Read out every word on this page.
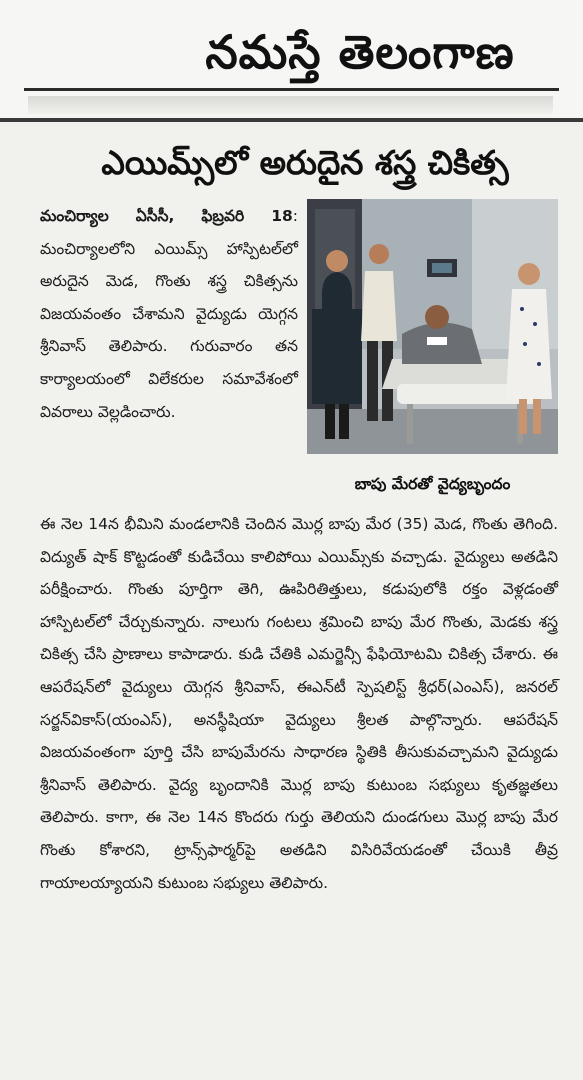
నమస్తే తెలంగాణ
ఎయిమ్స్‌లో అరుదైన శస్త్ర చికిత్స
మంచిర్యాల ఏసీసీ, ఫిబ్రవరి 18: మంచిర్యాలలోని ఎయిమ్స్ హాస్పిటల్‌లో అరుదైన మెడ, గొంతు శస్త్ర చికిత్సను విజయవంతం చేశామని వైద్యుడు యెగ్గన శ్రీనివాస్ తెలిపారు. గురువారం తన కార్యాలయంలో విలేకరుల సమావేశంలో వివరాలు వెల్లడించారు.
బాపు మేరతో వైద్యబృందం
ఈ నెల 14న భీమిని మండలానికి చెందిన మొర్ల బాపు మేర (35) మెడ, గొంతు తెగింది. విద్యుత్ షాక్ కొట్టడంతో కుడిచేయి కాలిపోయి ఎయిమ్స్‌కు వచ్చాడు. వైద్యులు అతడిని పరీక్షించారు. గొంతు పూర్తిగా తెగి, ఊపిరితిత్తులు, కడుపులోకి రక్తం వెళ్లడంతో హాస్పిటల్‌లో చేర్చుకున్నారు. నాలుగు గంటలు శ్రమించి బాపు మేర గొంతు, మెడకు శస్త్ర చికిత్స చేసి ప్రాణాలు కాపాడారు. కుడి చేతికి ఎమర్జెన్సీ ఫేఫియోటమి చికిత్స చేశారు. ఈ ఆపరేషన్‌లో వైద్యులు యెగ్గన శ్రీనివాస్, ఈఎన్‌టీ స్పెషలిస్ట్ శ్రీధర్(ఎంఎస్), జనరల్ సర్జన్‌వికాస్(యంఎస్), అనస్థీషియా వైద్యులు శ్రీలత పాల్గొన్నారు. ఆపరేషన్ విజయవంతంగా పూర్తి చేసి బాపుమేరను సాధారణ స్థితికి తీసుకువచ్చామని వైద్యుడు శ్రీనివాస్ తెలిపారు. వైద్య బృందానికి మొర్ల బాపు కుటుంబ సభ్యులు కృతజ్ఞతలు తెలిపారు. కాగా, ఈ నెల 14న కొందరు గుర్తు తెలియని దుండగులు మొర్ల బాపు మేర గొంతు కోశారని, ట్రాన్స్‌ఫార్మర్‌పై అతడిని విసిరివేయడంతో చేయికి తీవ్ర గాయాలయ్యాయని కుటుంబ సభ్యులు తెలిపారు.
